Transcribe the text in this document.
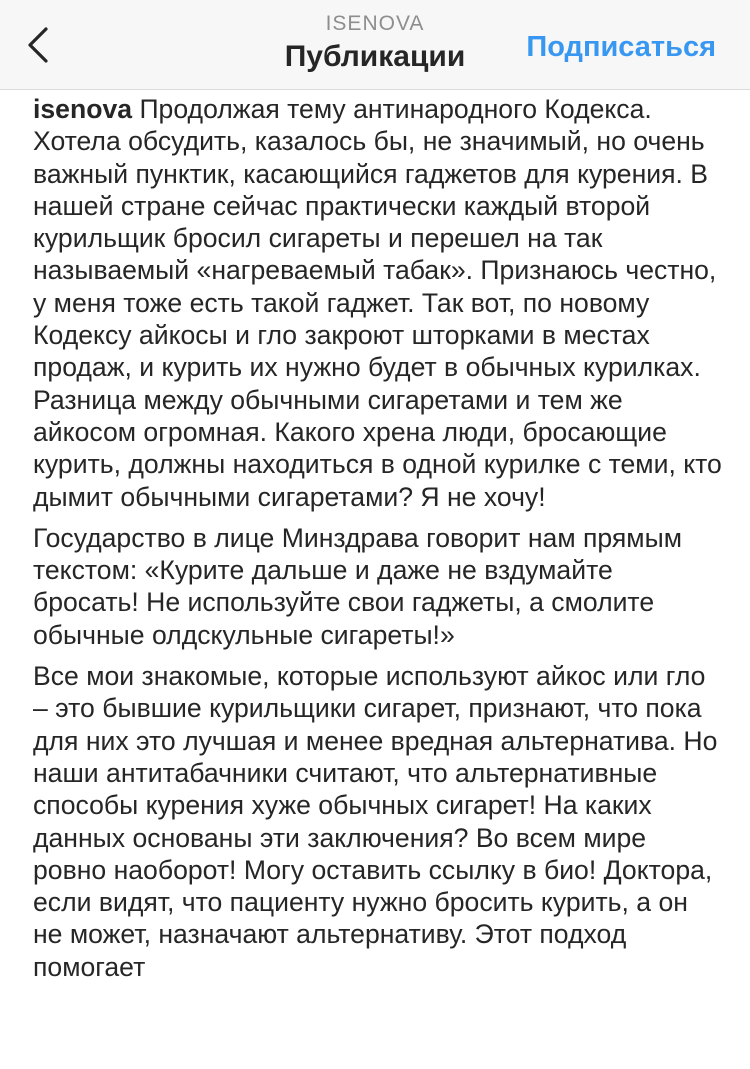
ISENOVA
Публикации	Подписаться

isenova Продолжая тему антинародного Кодекса. Хотела обсудить, казалось бы, не значимый, но очень важный пунктик, касающийся гаджетов для курения. В нашей стране сейчас практически каждый второй курильщик бросил сигареты и перешел на так называемый «нагреваемый табак». Признаюсь честно, у меня тоже есть такой гаджет. Так вот, по новому Кодексу айкосы и гло закроют шторками в местах продаж, и курить их нужно будет в обычных курилках. Разница между обычными сигаретами и тем же айкосом огромная. Какого хрена люди, бросающие курить, должны находиться в одной курилке с теми, кто дымит обычными сигаретами? Я не хочу!

Государство в лице Минздрава говорит нам прямым текстом: «Курите дальше и даже не вздумайте бросать! Не используйте свои гаджеты, а смолите обычные олдскульные сигареты!»

Все мои знакомые, которые используют айкос или гло – это бывшие курильщики сигарет, признают, что пока для них это лучшая и менее вредная альтернатива. Но наши антитабачники считают, что альтернативные способы курения хуже обычных сигарет! На каких данных основаны эти заключения? Во всем мире ровно наоборот! Могу оставить ссылку в био! Доктора, если видят, что пациенту нужно бросить курить, а он не может, назначают альтернативу. Этот подход помогает
